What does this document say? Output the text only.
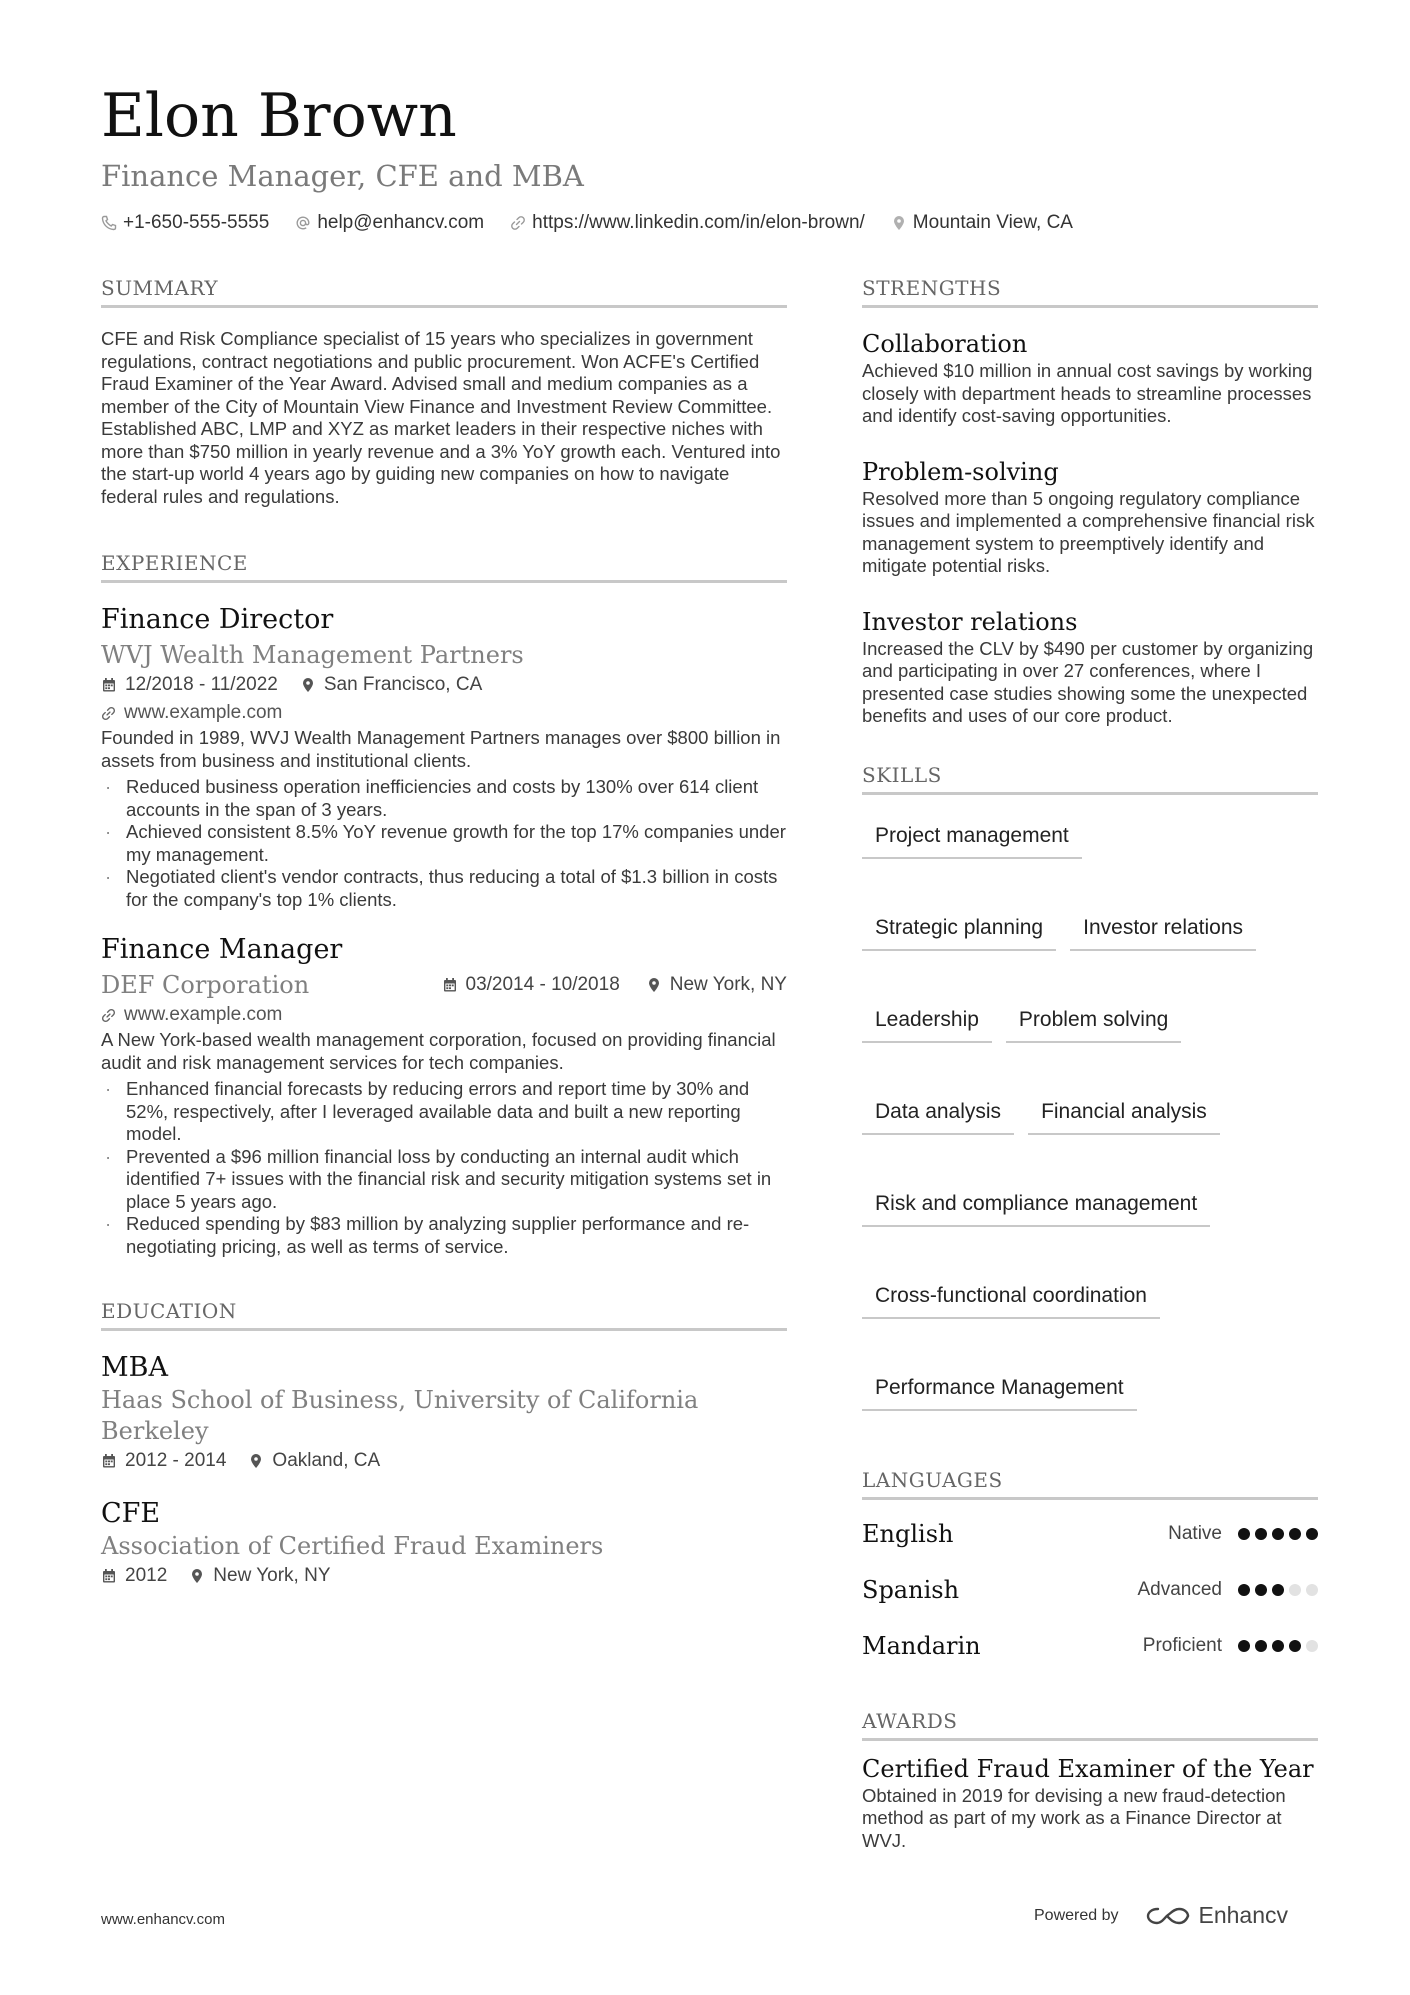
Elon Brown
Finance Manager, CFE and MBA
+1-650-555-5555	help@enhancv.com	https://www.linkedin.com/in/elon-brown/	Mountain View, CA
SUMMARY
CFE and Risk Compliance specialist of 15 years who specializes in government regulations, contract negotiations and public procurement. Won ACFE's Certified Fraud Examiner of the Year Award. Advised small and medium companies as a member of the City of Mountain View Finance and Investment Review Committee. Established ABC, LMP and XYZ as market leaders in their respective niches with more than $750 million in yearly revenue and a 3% YoY growth each. Ventured into the start-up world 4 years ago by guiding new companies on how to navigate federal rules and regulations.
EXPERIENCE
Finance Director
WVJ Wealth Management Partners
12/2018 - 11/2022 San Francisco, CA
www.example.com
Founded in 1989, WVJ Wealth Management Partners manages over $800 billion in assets from business and institutional clients.
· Reduced business operation inefficiencies and costs by 130% over 614 client accounts in the span of 3 years.
· Achieved consistent 8.5% YoY revenue growth for the top 17% companies under my management.
· Negotiated client's vendor contracts, thus reducing a total of $1.3 billion in costs for the company's top 1% clients.
Finance Manager
DEF Corporation	03/2014 - 10/2018	New York, NY
www.example.com
A New York-based wealth management corporation, focused on providing financial audit and risk management services for tech companies.
· Enhanced financial forecasts by reducing errors and report time by 30% and 52%, respectively, after I leveraged available data and built a new reporting model.
· Prevented a $96 million financial loss by conducting an internal audit which identified 7+ issues with the financial risk and security mitigation systems set in place 5 years ago.
· Reduced spending by $83 million by analyzing supplier performance and re-negotiating pricing, as well as terms of service.
EDUCATION
MBA
Haas School of Business, University of California Berkeley
2012 - 2014 Oakland, CA
CFE
Association of Certified Fraud Examiners
2012 New York, NY
STRENGTHS
Collaboration
Achieved $10 million in annual cost savings by working closely with department heads to streamline processes and identify cost-saving opportunities.
Problem-solving
Resolved more than 5 ongoing regulatory compliance issues and implemented a comprehensive financial risk management system to preemptively identify and mitigate potential risks.
Investor relations
Increased the CLV by $490 per customer by organizing and participating in over 27 conferences, where I presented case studies showing some the unexpected benefits and uses of our core product.
SKILLS
Project management
Strategic planning	Investor relations
Leadership	Problem solving
Data analysis	Financial analysis
Risk and compliance management
Cross-functional coordination
Performance Management
LANGUAGES
English	Native
Spanish	Advanced
Mandarin	Proficient
AWARDS
Certified Fraud Examiner of the Year
Obtained in 2019 for devising a new fraud-detection method as part of my work as a Finance Director at WVJ.
www.enhancv.com	Powered by	Enhancv
